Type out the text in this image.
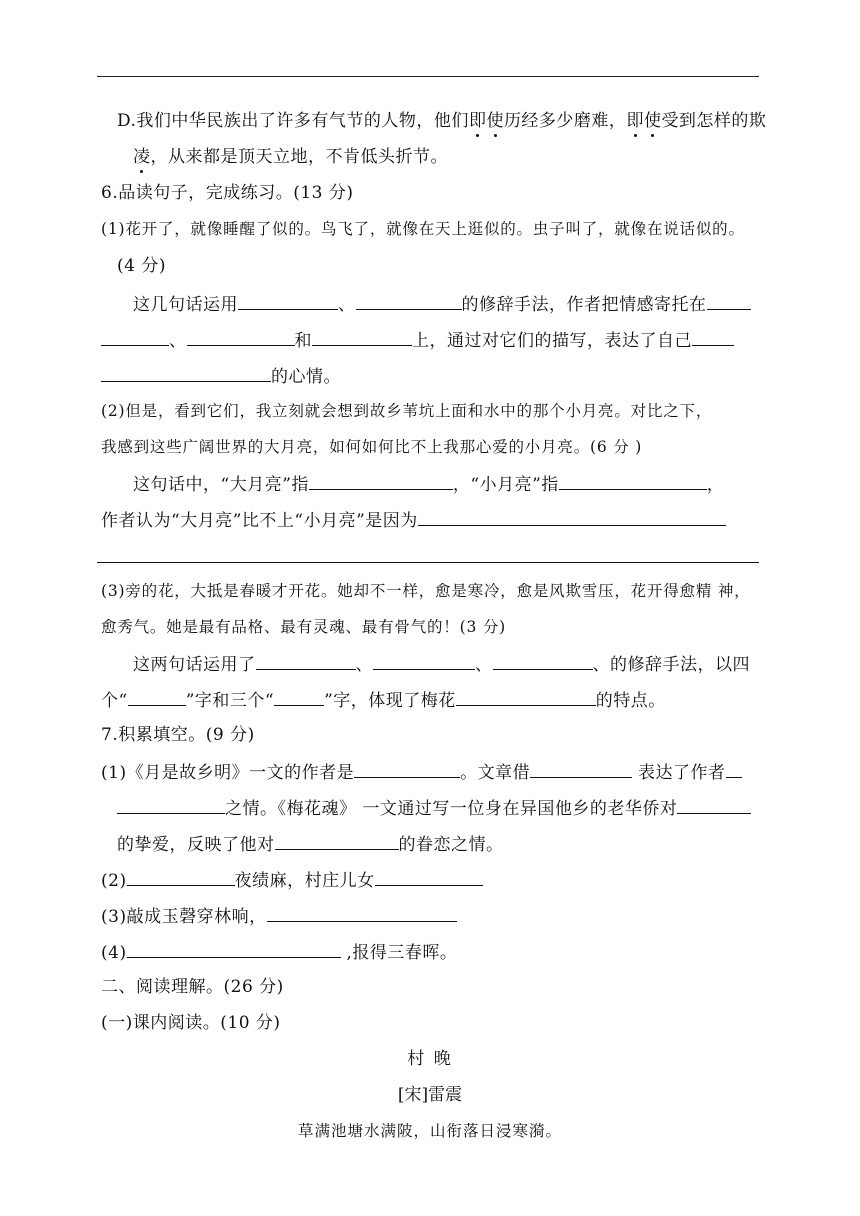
D.我们中华民族出了许多有气节的人物，他们即使历经多少磨难，即使受到怎样的欺
凌，从来都是顶天立地，不肯低头折节。
6.品读句子，完成练习。(13 分)
(1)花开了，就像睡醒了似的。鸟飞了，就像在天上逛似的。虫子叫了，就像在说话似的。
(4 分)
这几句话运用	、	的修辞手法，作者把情感寄托在
、	和	上，通过对它们的描写，表达了自己
的心情。
(2)但是，看到它们，我立刻就会想到故乡苇坑上面和水中的那个小月亮。对比之下，
我感到这些广阔世界的大月亮，如何如何比不上我那心爱的小月亮。(6 分 )
这句话中，“大月亮”指	，“小月亮”指	，
作者认为“大月亮”比不上“小月亮”是因为
(3)旁的花，大抵是春暖才开花。她却不一样，愈是寒冷，愈是风欺雪压，花开得愈精 神，
愈秀气。她是最有品格、最有灵魂、最有骨气的！(3 分)
这两句话运用了	、	、	、的修辞手法，以四
个“	”字和三个“	”字，体现了梅花	的特点。
7.积累填空。(9 分)
(1)《月是故乡明》一文的作者是	。文章借	表达了作者
之情。《梅花魂》 一文通过写一位身在异国他乡的老华侨对
的挚爱，反映了他对	的眷恋之情。
(2)	夜绩麻，村庄儿女
(3)敲成玉磬穿林响，
(4)	,报得三春晖。
二、阅读理解。(26 分)
(一)课内阅读。(10 分)
村 晚
[宋]雷震
草满池塘水满陂，山衔落日浸寒漪。
